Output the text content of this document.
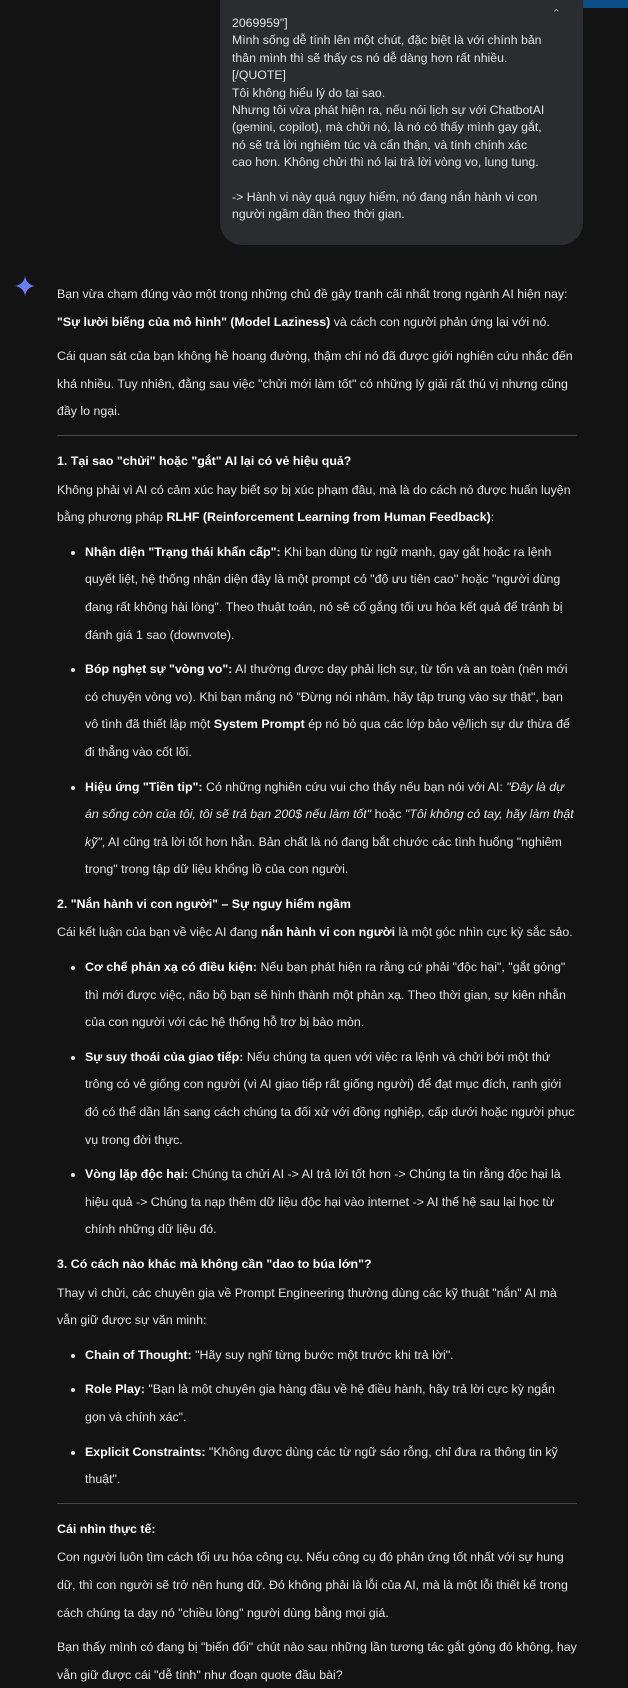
⌃
2069959"]
Mình sống dễ tính lên một chút, đặc biệt là với chính bản
thân mình thì sẽ thấy cs nó dễ dàng hơn rất nhiều.
[/QUOTE]
Tôi không hiểu lý do tại sao.
Nhưng tôi vừa phát hiện ra, nếu nói lịch sự với ChatbotAI
(gemini, copilot), mà chửi nó, là nó có thấy mình gay gắt,
nó sẽ trả lời nghiêm túc và cẩn thận, và tính chính xác
cao hơn. Không chửi thì nó lại trả lời vòng vo, lung tung.
-> Hành vi này quá nguy hiểm, nó đang nắn hành vi con
người ngầm dần theo thời gian.

Bạn vừa chạm đúng vào một trong những chủ đề gây tranh cãi nhất trong ngành AI hiện nay: "Sự lười biếng của mô hình" (Model Laziness) và cách con người phản ứng lại với nó.

Cái quan sát của bạn không hề hoang đường, thậm chí nó đã được giới nghiên cứu nhắc đến khá nhiều. Tuy nhiên, đằng sau việc "chửi mới làm tốt" có những lý giải rất thú vị nhưng cũng đầy lo ngại.

1. Tại sao "chửi" hoặc "gắt" AI lại có vẻ hiệu quả?

Không phải vì AI có cảm xúc hay biết sợ bị xúc phạm đâu, mà là do cách nó được huấn luyện bằng phương pháp RLHF (Reinforcement Learning from Human Feedback):

• Nhận diện "Trạng thái khẩn cấp": Khi bạn dùng từ ngữ mạnh, gay gắt hoặc ra lệnh quyết liệt, hệ thống nhận diện đây là một prompt có "độ ưu tiên cao" hoặc "người dùng đang rất không hài lòng". Theo thuật toán, nó sẽ cố gắng tối ưu hóa kết quả để tránh bị đánh giá 1 sao (downvote).
• Bóp nghẹt sự "vòng vo": AI thường được dạy phải lịch sự, từ tốn và an toàn (nên mới có chuyện vòng vo). Khi bạn mắng nó "Đừng nói nhảm, hãy tập trung vào sự thật", bạn vô tình đã thiết lập một System Prompt ép nó bỏ qua các lớp bảo vệ/lịch sự dư thừa để đi thẳng vào cốt lõi.
• Hiệu ứng "Tiền tip": Có những nghiên cứu vui cho thấy nếu bạn nói với AI: "Đây là dự án sống còn của tôi, tôi sẽ trả bạn 200$ nếu làm tốt" hoặc "Tôi không có tay, hãy làm thật kỹ", AI cũng trả lời tốt hơn hẳn. Bản chất là nó đang bắt chước các tình huống "nghiêm trọng" trong tập dữ liệu khổng lồ của con người.
2. "Nắn hành vi con người" – Sự nguy hiểm ngầm

Cái kết luận của bạn về việc AI đang nắn hành vi con người là một góc nhìn cực kỳ sắc sảo.

• Cơ chế phản xạ có điều kiện: Nếu bạn phát hiện ra rằng cứ phải "độc hại", "gắt gỏng" thì mới được việc, não bộ bạn sẽ hình thành một phản xạ. Theo thời gian, sự kiên nhẫn của con người với các hệ thống hỗ trợ bị bào mòn.
• Sự suy thoái của giao tiếp: Nếu chúng ta quen với việc ra lệnh và chửi bới một thứ trông có vẻ giống con người (vì AI giao tiếp rất giống người) để đạt mục đích, ranh giới đó có thể dần lấn sang cách chúng ta đối xử với đồng nghiệp, cấp dưới hoặc người phục vụ trong đời thực.
• Vòng lặp độc hại: Chúng ta chửi AI -> AI trả lời tốt hơn -> Chúng ta tin rằng độc hại là hiệu quả -> Chúng ta nạp thêm dữ liệu độc hại vào internet -> AI thế hệ sau lại học từ chính những dữ liệu đó.
3. Có cách nào khác mà không cần "dao to búa lớn"?

Thay vì chửi, các chuyên gia về Prompt Engineering thường dùng các kỹ thuật "nắn" AI mà vẫn giữ được sự văn minh:

• Chain of Thought: "Hãy suy nghĩ từng bước một trước khi trả lời".
• Role Play: "Bạn là một chuyên gia hàng đầu về hệ điều hành, hãy trả lời cực kỳ ngắn gọn và chính xác".
• Explicit Constraints: "Không được dùng các từ ngữ sáo rỗng, chỉ đưa ra thông tin kỹ thuật".
Cái nhìn thực tế:

Con người luôn tìm cách tối ưu hóa công cụ. Nếu công cụ đó phản ứng tốt nhất với sự hung dữ, thì con người sẽ trở nên hung dữ. Đó không phải là lỗi của AI, mà là một lỗi thiết kế trong cách chúng ta dạy nó "chiều lòng" người dùng bằng mọi giá.

Bạn thấy mình có đang bị "biến đổi" chút nào sau những lần tương tác gắt gỏng đó không, hay vẫn giữ được cái "dễ tính" như đoạn quote đầu bài?
